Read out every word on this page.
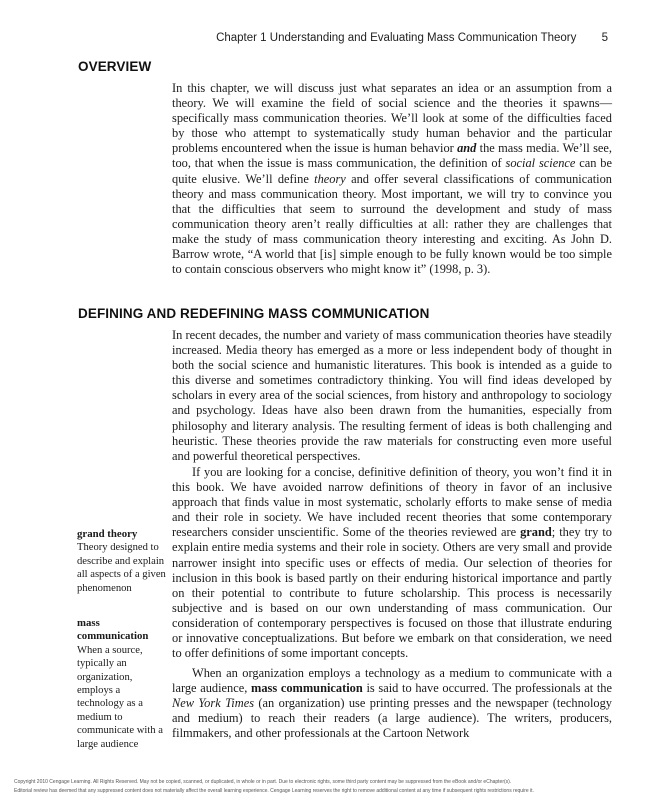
Chapter 1 Understanding and Evaluating Mass Communication Theory 5
OVERVIEW

In this chapter, we will discuss just what separates an idea or an assumption from a theory. We will examine the field of social science and the theories it spawns—specifically mass communication theories. We’ll look at some of the difficulties faced by those who attempt to systematically study human behavior and the particular problems encountered when the issue is human behavior and the mass media. We’ll see, too, that when the issue is mass communication, the definition of social science can be quite elusive. We’ll define theory and offer several classifications of communication theory and mass communication theory. Most important, we will try to convince you that the difficulties that seem to surround the development and study of mass communication theory aren’t really difficulties at all: rather they are challenges that make the study of mass communication theory interesting and exciting. As John D. Barrow wrote, “A world that [is] simple enough to be fully known would be too simple to contain conscious observers who might know it” (1998, p. 3).

DEFINING AND REDEFINING MASS COMMUNICATION

In recent decades, the number and variety of mass communication theories have steadily increased. Media theory has emerged as a more or less independent body of thought in both the social science and humanistic literatures. This book is intended as a guide to this diverse and sometimes contradictory thinking. You will find ideas developed by scholars in every area of the social sciences, from history and anthropology to sociology and psychology. Ideas have also been drawn from the humanities, especially from philosophy and literary analysis. The resulting ferment of ideas is both challenging and heuristic. These theories provide the raw materials for constructing even more useful and powerful theoretical perspectives.

If you are looking for a concise, definitive definition of theory, you won’t find it in this book. We have avoided narrow definitions of theory in favor of an inclusive approach that finds value in most systematic, scholarly efforts to make sense of media and their role in society. We have included recent theories that some contemporary researchers consider unscientific. Some of the theories reviewed are grand; they try to explain entire media systems and their role in society. Others are very small and provide narrower insight into specific uses or effects of media. Our selection of theories for inclusion in this book is based partly on their enduring historical importance and partly on their potential to contribute to future scholarship. This process is necessarily subjective and is based on our own understanding of mass communication. Our consideration of contemporary perspectives is focused on those that illustrate enduring or innovative conceptualizations. But before we embark on that consideration, we need to offer definitions of some important concepts.

When an organization employs a technology as a medium to communicate with a large audience, mass communication is said to have occurred. The professionals at the New York Times (an organization) use printing presses and the newspaper (technology and medium) to reach their readers (a large audience). The writers, producers, filmmakers, and other professionals at the Cartoon Network

grand theory
Theory designed to describe and explain all aspects of a given phenomenon
mass communication
When a source, typically an organization, employs a technology as a medium to communicate with a large audience
Copyright 2010 Cengage Learning. All Rights Reserved. May not be copied, scanned, or duplicated, in whole or in part. Due to electronic rights, some third party content may be suppressed from the eBook and/or eChapter(s).
Editorial review has deemed that any suppressed content does not materially affect the overall learning experience. Cengage Learning reserves the right to remove additional content at any time if subsequent rights restrictions require it.
